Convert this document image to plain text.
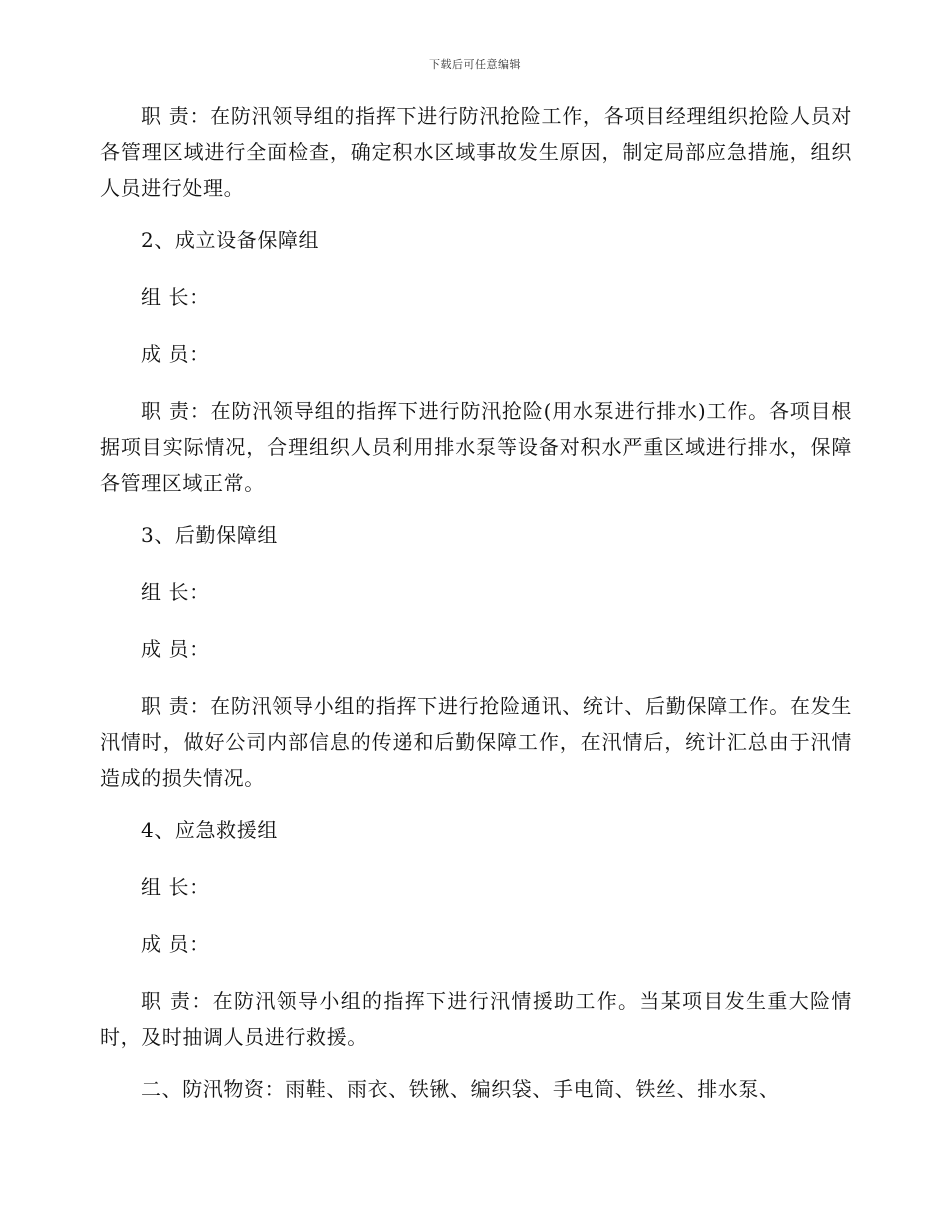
下载后可任意编辑

职 责：在防汛领导组的指挥下进行防汛抢险工作，各项目经理组织抢险人员对各管理区域进行全面检查，确定积水区域事故发生原因，制定局部应急措施，组织人员进行处理。

2、成立设备保障组

组 长：

成 员：

职 责：在防汛领导组的指挥下进行防汛抢险(用水泵进行排水)工作。各项目根据项目实际情况，合理组织人员利用排水泵等设备对积水严重区域进行排水，保障各管理区域正常。

3、后勤保障组

组 长：

成 员：

职 责：在防汛领导小组的指挥下进行抢险通讯、统计、后勤保障工作。在发生汛情时，做好公司内部信息的传递和后勤保障工作，在汛情后，统计汇总由于汛情造成的损失情况。

4、应急救援组

组 长：

成 员：

职 责：在防汛领导小组的指挥下进行汛情援助工作。当某项目发生重大险情时，及时抽调人员进行救援。

二、防汛物资：雨鞋、雨衣、铁锹、编织袋、手电筒、铁丝、排水泵、
